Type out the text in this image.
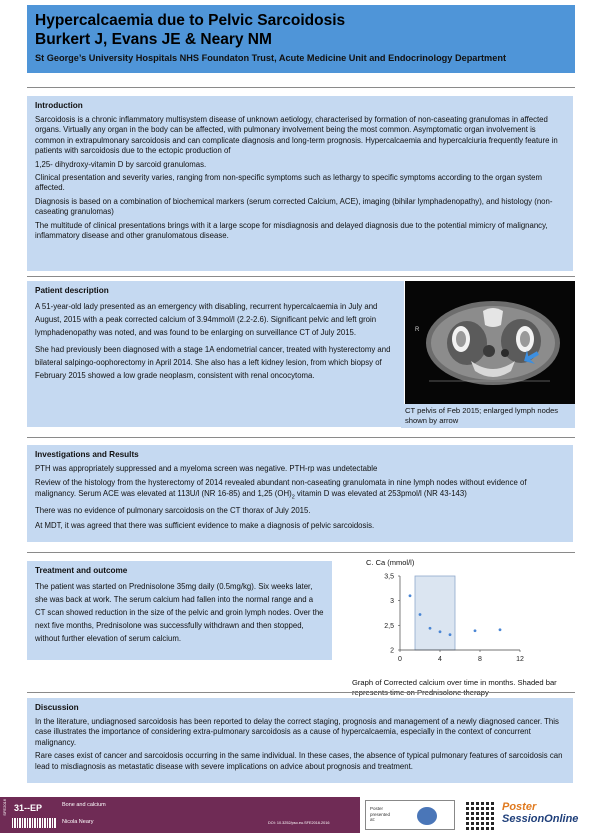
Hypercalcaemia due to Pelvic Sarcoidosis
Burkert J, Evans JE & Neary NM
St George’s University Hospitals NHS Foundaton Trust, Acute Medicine Unit and Endocrinology Department
Introduction

Sarcoidosis is a chronic inflammatory multisystem disease of unknown aetiology, characterised by formation of non-caseating granulomas in affected organs. Virtually any organ in the body can be affected, with pulmonary involvement being the most common. Asymptomatic organ involvement is common in extrapulmonary sarcoidosis and can complicate diagnosis and long-term prognosis. Hypercalcaemia and hypercalciuria frequently feature in patients with sarcoidosis due to the ectopic production of

1,25- dihydroxy-vitamin D by sarcoid granulomas.

Clinical presentation and severity varies, ranging from non-specific symptoms such as lethargy to specific symptoms according to the organ system affected.

Diagnosis is based on a combination of biochemical markers (serum corrected Calcium, ACE), imaging (bihilar lymphadenopathy), and histology (non-caseating granulomas)

The multitude of clinical presentations brings with it a large scope for misdiagnosis and delayed diagnosis due to the potential mimicry of malignancy, inflammatory disease and other granulomatous disease.

Patient description

A 51-year-old lady presented as an emergency with disabling, recurrent hypercalcaemia in July and August, 2015 with a peak corrected calcium of 3.94mmol/l (2.2-2.6). Significant pelvic and left groin lymphadenopathy was noted, and was found to be enlarging on surveillance CT of July 2015.

She had previously been diagnosed with a stage 1A endometrial cancer, treated with hysterectomy and bilateral salpingo-oophorectomy in April 2014. She also has a left kidney lesion, from which biopsy of February 2015 showed a low grade neoplasm, consistent with renal oncocytoma.

R
CT pelvis of Feb 2015; enlarged lymph nodes shown by arrow
Investigations and Results

PTH was appropriately suppressed and a myeloma screen was negative. PTH-rp was undetectable

Review of the histology from the hysterectomy of 2014 revealed abundant non-caseating granulomata in nine lymph nodes without evidence of malignancy. Serum ACE was elevated at 113U/l (NR 16-85) and 1,25 $(OH)_2$ vitamin D was elevated at 253pmol/l (NR 43-143)

There was no evidence of pulmonary sarcoidosis on the CT thorax of July 2015.

At MDT, it was agreed that there was sufficient evidence to make a diagnosis of pelvic sarcoidosis.

Treatment and outcome

The patient was started on Prednisolone 35mg daily (0.5mg/kg). Six weeks later, she was back at work. The serum calcium had fallen into the normal range and a CT scan showed reduction in the size of the pelvic and groin lymph nodes. Over the next five months, Prednisolone was successfully withdrawn and then stopped, without further elevation of serum calcium.

C. Ca (mmol/l)
2
2,5
3
3,5
0	4	8	12
Graph of Corrected calcium over time in months. Shaded bar
Discussion

In the literature, undiagnosed sarcoidosis has been reported to delay the correct staging, prognosis and management of a newly diagnosed cancer. This case illustrates the importance of considering extra-pulmonary sarcoidosis as a cause of hypercalcaemia, especially in the context of concurrent malignancy.

Rare cases exist of cancer and sarcoidosis occurring in the same individual. In these cases, the absence of typical pulmonary features of sarcoidosis can lead to misdiagnosis as metastatic disease with severe implications on advice about prognosis and treatment.

SFE2016 31--EP	Bone and calcium
Nicola Neary	DOI: 10.3252/pso.eu.SFE2016.2016
Poster presented at:
Poster
SessionOnline
